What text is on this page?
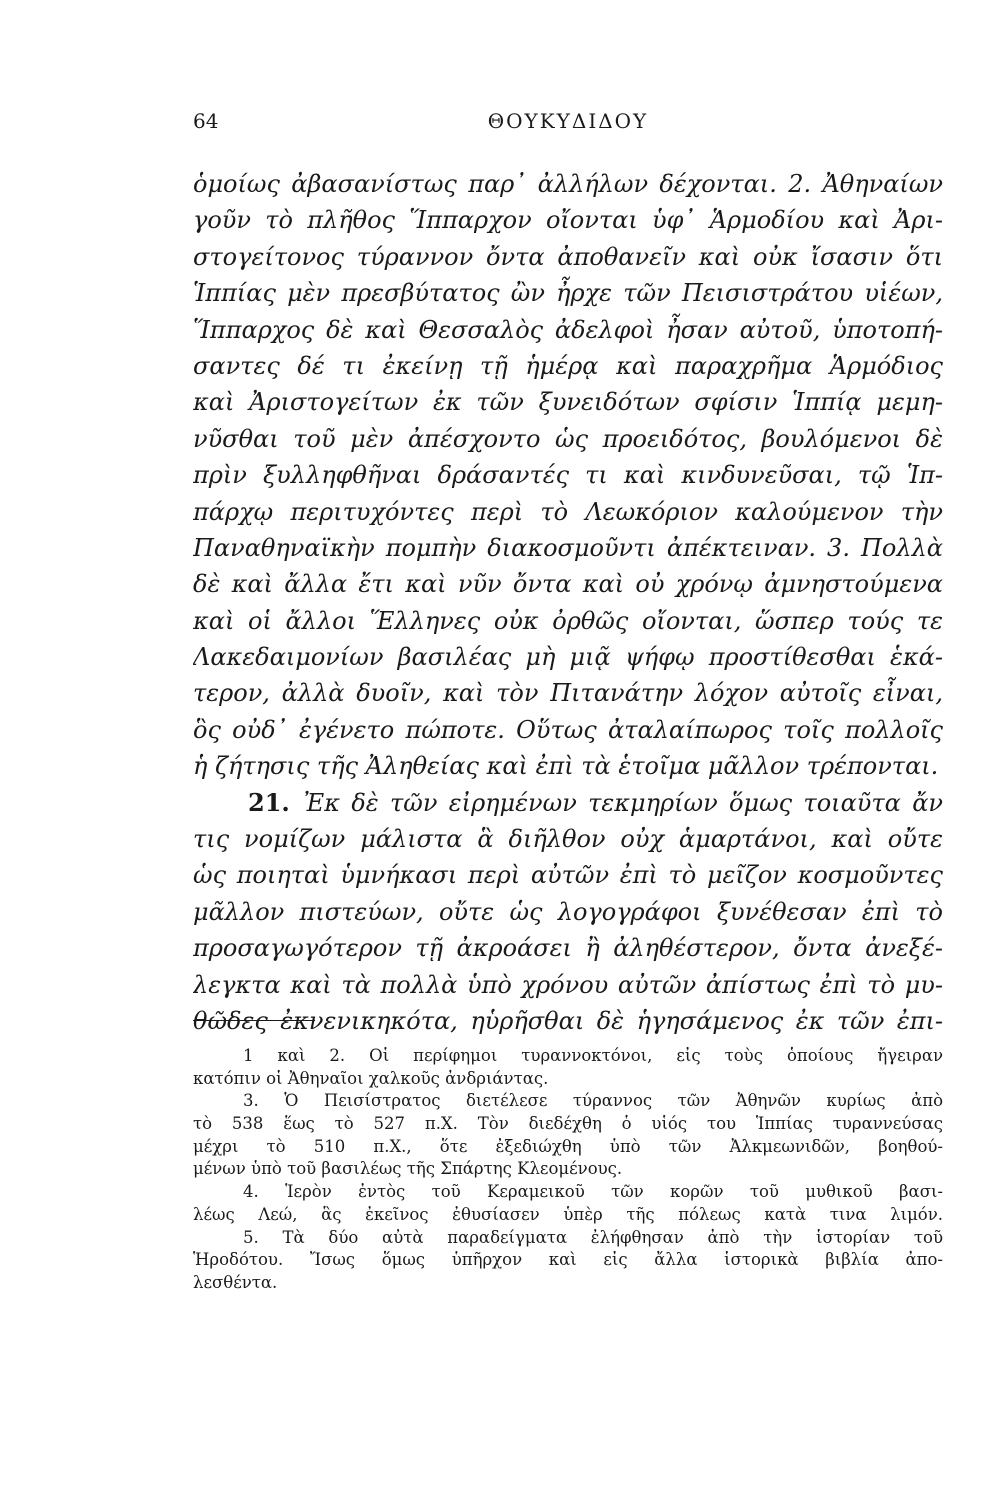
64	ΘΟΥΚΥΔΙΔΟΥ
ὁμοίως ἀβασανίστως παρ᾽ ἀλλήλων δέχονται. 2. Ἀθηναίων
γοῦν τὸ πλῆθος Ἵππαρχον οἴονται ὑφ᾽ Ἁρμοδίου καὶ Ἀρι-
στογείτονος τύραννον ὄντα ἀποθανεῖν καὶ οὐκ ἴσασιν ὅτι
Ἱππίας μὲν πρεσβύτατος ὢν ἦρχε τῶν Πεισιστράτου υἱέων,
Ἵππαρχος δὲ καὶ Θεσσαλὸς ἀδελφοὶ ἦσαν αὐτοῦ, ὑποτοπή-
σαντες δέ τι ἐκείνῃ τῇ ἡμέρᾳ καὶ παραχρῆμα Ἁρμόδιος
καὶ Ἀριστογείτων ἐκ τῶν ξυνειδότων σφίσιν Ἱππίᾳ μεμη-
νῦσθαι τοῦ μὲν ἀπέσχοντο ὡς προειδότος, βουλόμενοι δὲ
πρὶν ξυλληφθῆναι δράσαντές τι καὶ κινδυνεῦσαι, τῷ Ἱπ-
πάρχῳ περιτυχόντες περὶ τὸ Λεωκόριον καλούμενον τὴν
Παναθηναϊκὴν πομπὴν διακοσμοῦντι ἀπέκτειναν. 3. Πολλὰ
δὲ καὶ ἄλλα ἔτι καὶ νῦν ὄντα καὶ οὐ χρόνῳ ἀμνηστούμενα
καὶ οἱ ἄλλοι Ἕλληνες οὐκ ὀρθῶς οἴονται, ὥσπερ τούς τε
Λακεδαιμονίων βασιλέας μὴ μιᾷ ψήφῳ προστίθεσθαι ἑκά-
τερον, ἀλλὰ δυοῖν, καὶ τὸν Πιτανάτην λόχον αὐτοῖς εἶναι,
ὃς οὐδ᾽ ἐγένετο πώποτε. Οὕτως ἀταλαίπωρος τοῖς πολλοῖς
ἡ ζήτησις τῆς Ἀληθείας καὶ ἐπὶ τὰ ἑτοῖμα μᾶλλον τρέπονται.
21. Ἐκ δὲ τῶν εἰρημένων τεκμηρίων ὅμως τοιαῦτα ἄν
τις νομίζων μάλιστα ἃ διῆλθον οὐχ ἁμαρτάνοι, καὶ οὔτε
ὡς ποιηταὶ ὑμνήκασι περὶ αὐτῶν ἐπὶ τὸ μεῖζον κοσμοῦντες
μᾶλλον πιστεύων, οὔτε ὡς λογογράφοι ξυνέθεσαν ἐπὶ τὸ
προσαγωγότερον τῇ ἀκροάσει ἢ ἀληθέστερον, ὄντα ἀνεξέ-
λεγκτα καὶ τὰ πολλὰ ὑπὸ χρόνου αὐτῶν ἀπίστως ἐπὶ τὸ μυ-
θῶδες ἐκνενικηκότα, ηὑρῆσθαι δὲ ἡγησάμενος ἐκ τῶν ἐπι-
1 καὶ 2. Οἱ περίφημοι τυραννοκτόνοι, εἰς τοὺς ὁποίους ἤγειραν
κατόπιν οἱ Ἀθηναῖοι χαλκοῦς ἀνδριάντας.
3. Ὁ Πεισίστρατος διετέλεσε τύραννος τῶν Ἀθηνῶν κυρίως ἀπὸ
τὸ 538 ἕως τὸ 527 π.Χ. Τὸν διεδέχθη ὁ υἱός του Ἱππίας τυραννεύσας
μέχρι τὸ 510 π.Χ., ὅτε ἐξεδιώχθη ὑπὸ τῶν Ἀλκμεωνιδῶν, βοηθού-
μένων ὑπὸ τοῦ βασιλέως τῆς Σπάρτης Κλεομένους.
4. Ἱερὸν ἐντὸς τοῦ Κεραμεικοῦ τῶν κορῶν τοῦ μυθικοῦ βασι-
λέως Λεώ, ἃς ἐκεῖνος ἐθυσίασεν ὑπὲρ τῆς πόλεως κατὰ τινα λιμόν.
5. Τὰ δύο αὐτὰ παραδείγματα ἐλήφθησαν ἀπὸ τὴν ἱστορίαν τοῦ
Ἡροδότου. Ἴσως ὅμως ὑπῆρχον καὶ εἰς ἄλλα ἱστορικὰ βιβλία ἀπο-
λεσθέντα.
